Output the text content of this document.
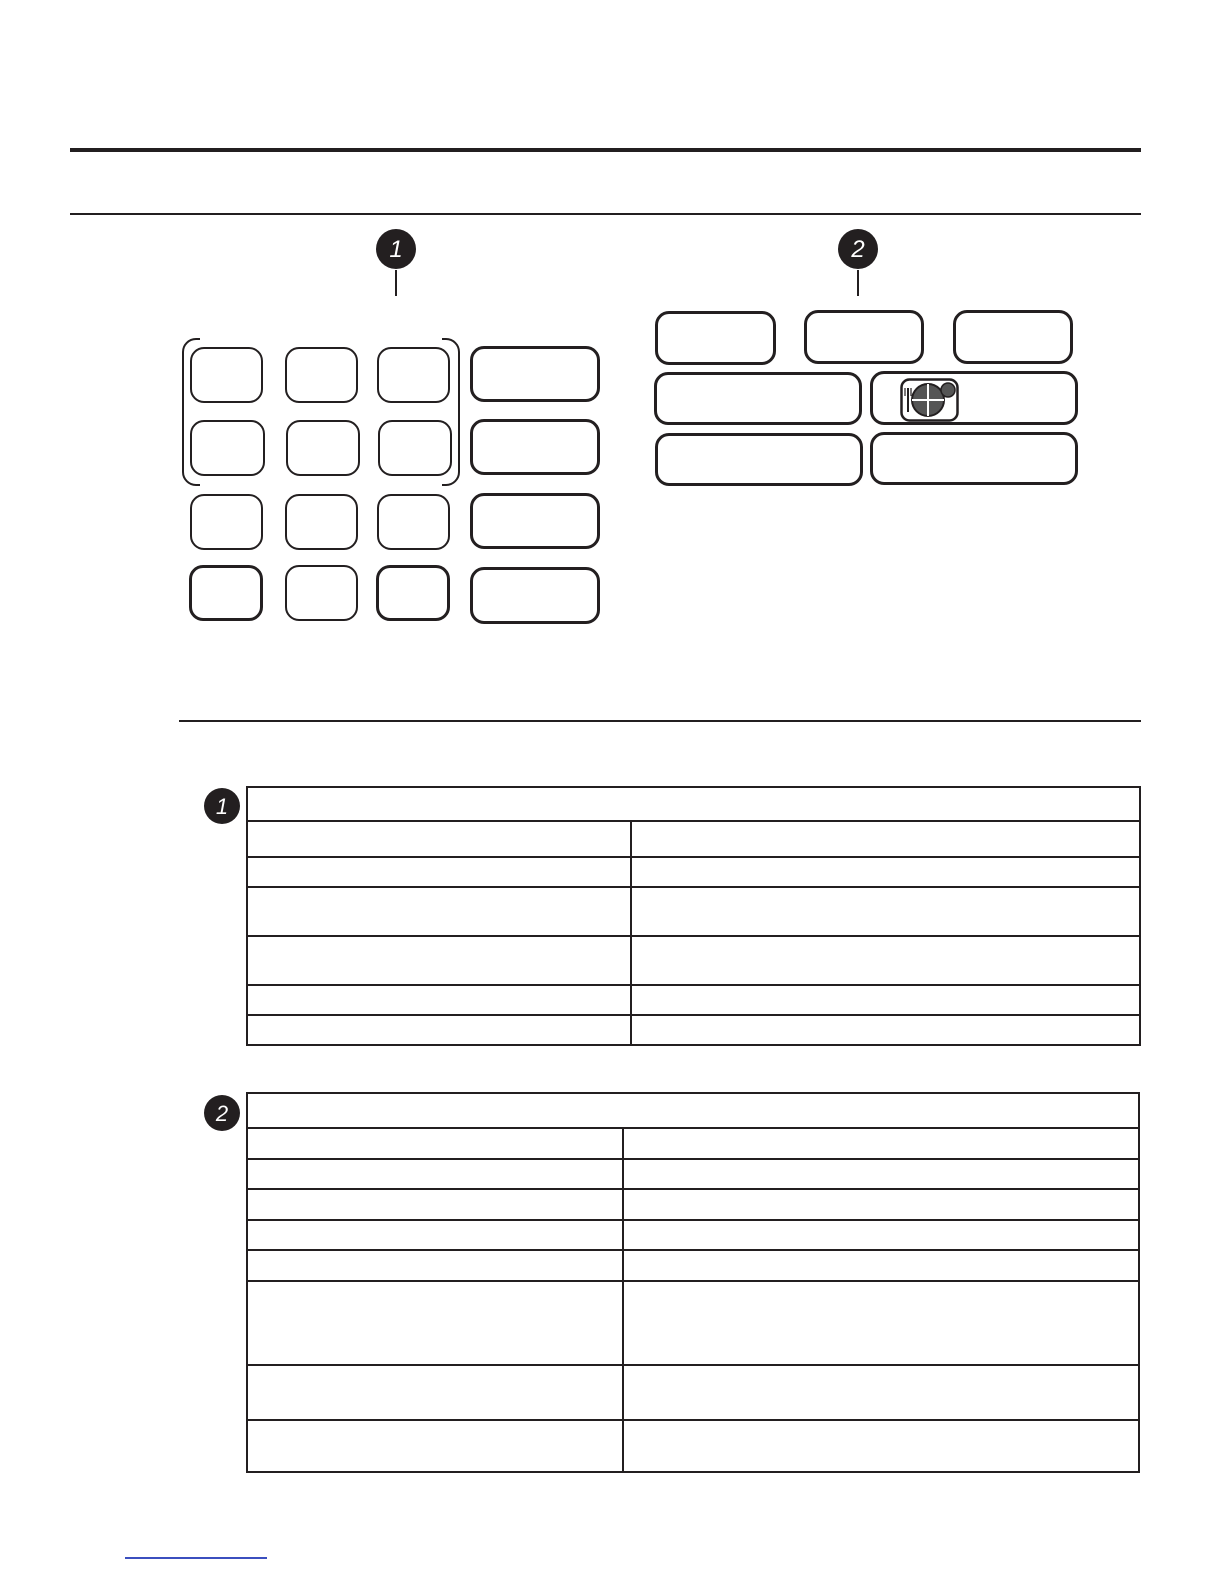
1	2
1
2
